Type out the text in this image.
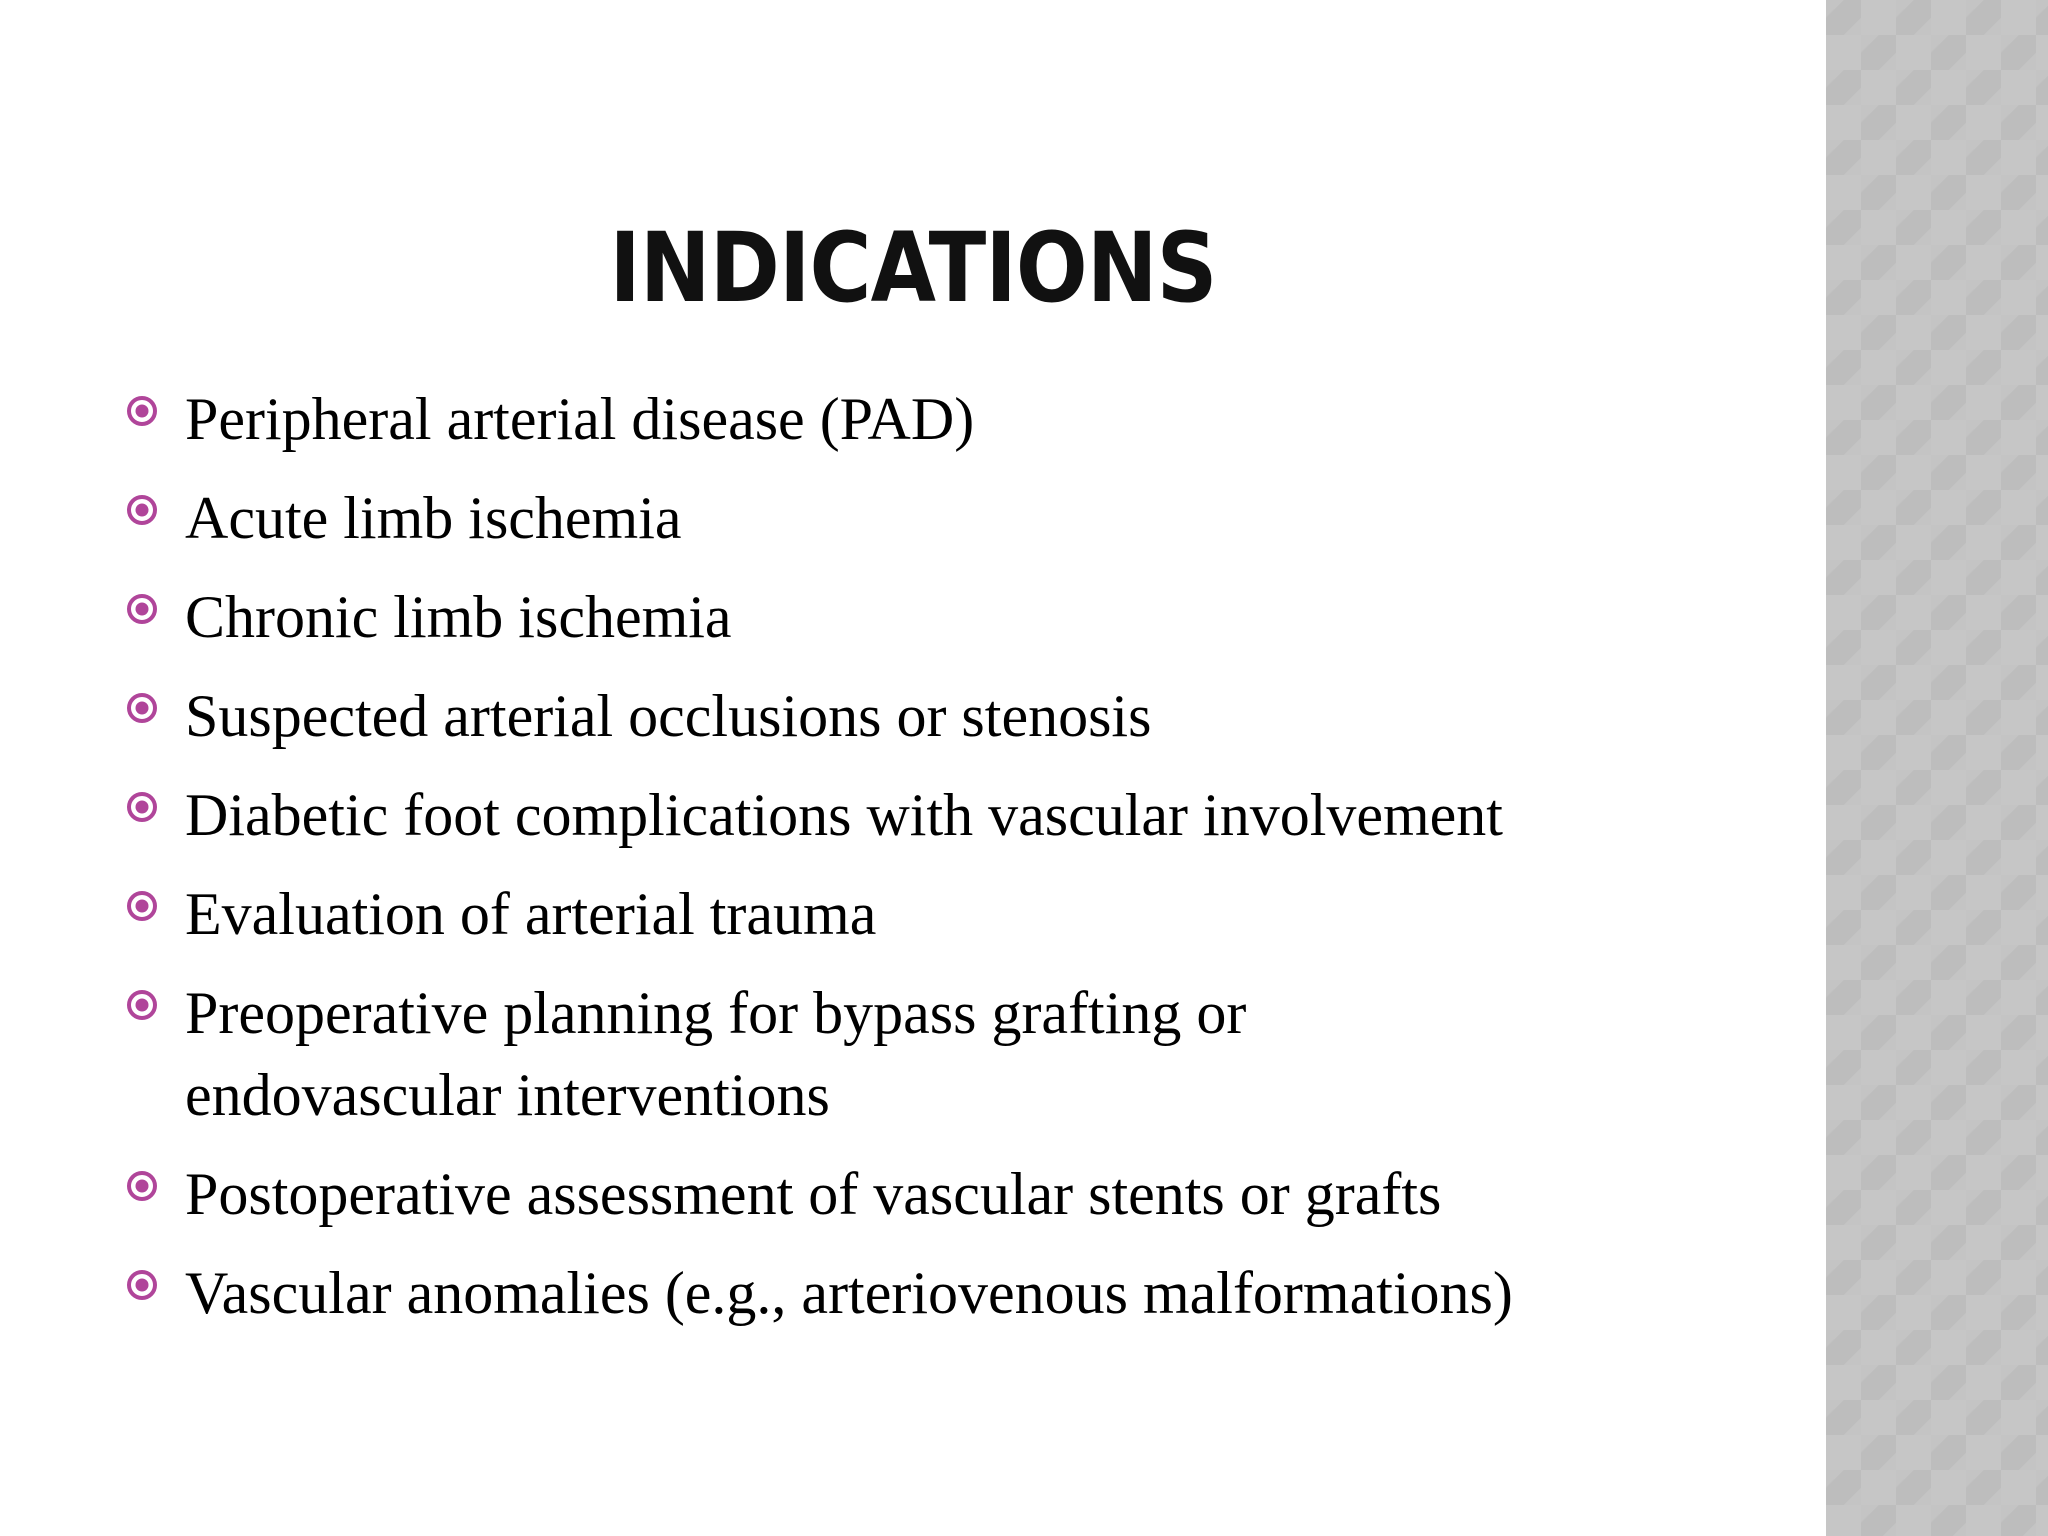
INDICATIONS
Peripheral arterial disease (PAD)
Acute limb ischemia
Chronic limb ischemia
Suspected arterial occlusions or stenosis
Diabetic foot complications with vascular involvement
Evaluation of arterial trauma
Preoperative planning for bypass grafting or endovascular interventions
Postoperative assessment of vascular stents or grafts
Vascular anomalies (e.g., arteriovenous malformations)
